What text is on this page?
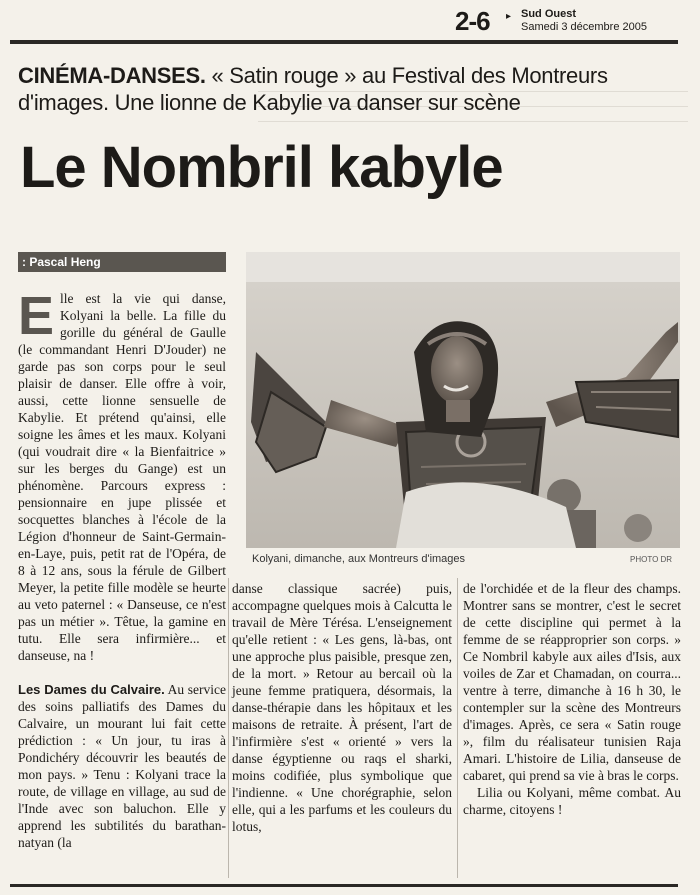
2-6 ▸ Sud Ouest
Samedi 3 décembre 2005
CINÉMA-DANSES. « Satin rouge » au Festival des Montreurs d'images. Une lionne de Kabylie va danser sur scène
Le Nombril kabyle
: Pascal Heng
Kolyani, dimanche, aux Montreurs d'images	PHOTO DR
E lle est la vie qui danse, Kolyani la belle. La fille du gorille du général de Gaulle (le commandant Henri D'Jouder) ne garde pas son corps pour le seul plaisir de danser. Elle offre à voir, aussi, cette lionne sensuelle de Kabylie. Et prétend qu'ainsi, elle soigne les âmes et les maux. Kolyani (qui voudrait dire « la Bienfaitrice » sur les berges du Gange) est un phénomène. Parcours express : pensionnaire en jupe plissée et socquettes blanches à l'école de la Légion d'honneur de Saint-Germain-en-Laye, puis, petit rat de l'Opéra, de 8 à 12 ans, sous la férule de Gilbert Meyer, la petite fille modèle se heurte au veto paternel : « Danseuse, ce n'est pas un métier ». Têtue, la gamine en tutu. Elle sera infirmière... et danseuse, na !

Les Dames du Calvaire. Au service des soins palliatifs des Dames du Calvaire, un mourant lui fait cette prédiction : « Un jour, tu iras à Pondichéry découvrir les beautés de mon pays. » Tenu : Kolyani trace la route, de village en village, au sud de l'Inde avec son baluchon. Elle y apprend les subtilités du barathan-natyan (la

danse classique sacrée) puis, accompagne quelques mois à Calcutta le travail de Mère Térésa. L'enseignement qu'elle retient : « Les gens, là-bas, ont une approche plus paisible, presque zen, de la mort. » Retour au bercail où la jeune femme pratiquera, désormais, la danse-thérapie dans les hôpitaux et les maisons de retraite. À présent, l'art de l'infirmière s'est « orienté » vers la danse égyptienne ou raqs el sharki, moins codifiée, plus symbolique que l'indienne. « Une chorégraphie, selon elle, qui a les parfums et les couleurs du lotus,

de l'orchidée et de la fleur des champs. Montrer sans se montrer, c'est le secret de cette discipline qui permet à la femme de se réapproprier son corps. » Ce Nombril kabyle aux ailes d'Isis, aux voiles de Zar et Chamadan, on courra... ventre à terre, dimanche à 16 h 30, le contempler sur la scène des Montreurs d'images. Après, ce sera « Satin rouge », film du réalisateur tunisien Raja Amari. L'histoire de Lilia, danseuse de cabaret, qui prend sa vie à bras le corps.

Lilia ou Kolyani, même combat. Au charme, citoyens !
